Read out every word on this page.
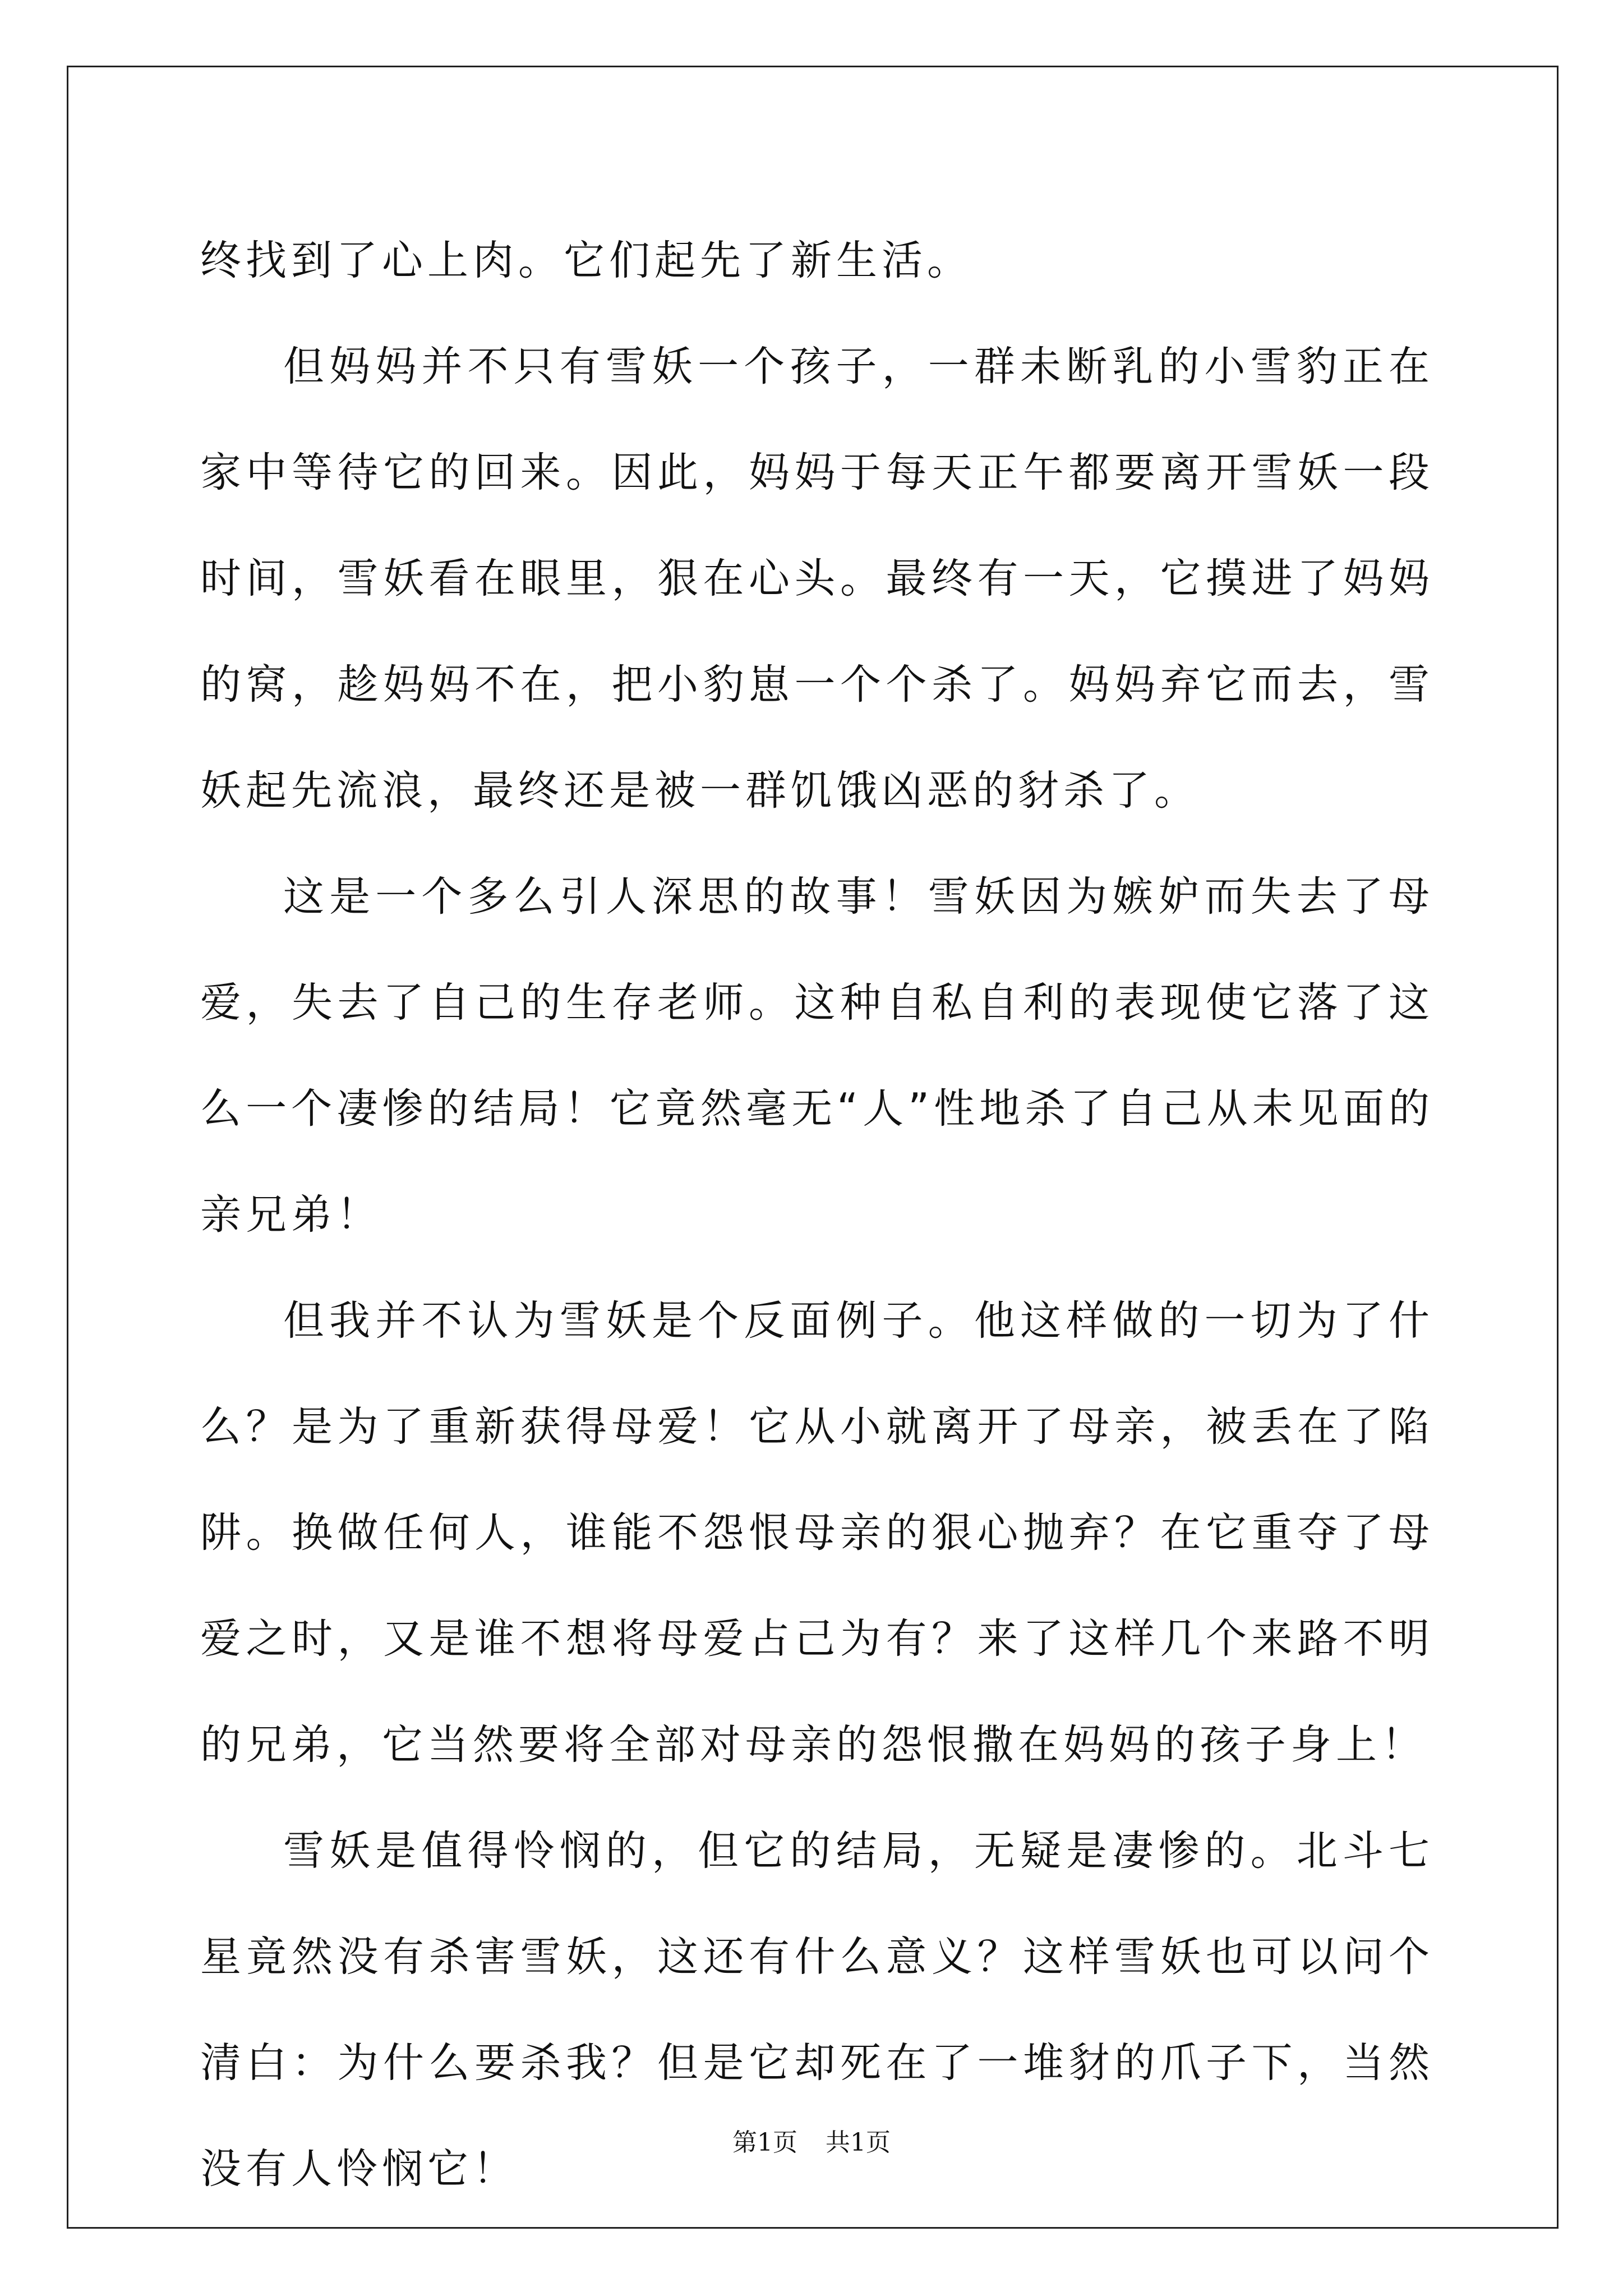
终找到了心上肉。它们起先了新生活。

但妈妈并不只有雪妖一个孩子，一群未断乳的小雪豹正在家中等待它的回来。因此，妈妈于每天正午都要离开雪妖一段时间，雪妖看在眼里，狠在心头。最终有一天，它摸进了妈妈的窝，趁妈妈不在，把小豹崽一个个杀了。妈妈弃它而去，雪妖起先流浪，最终还是被一群饥饿凶恶的豺杀了。

这是一个多么引人深思的故事！雪妖因为嫉妒而失去了母爱，失去了自己的生存老师。这种自私自利的表现使它落了这么一个凄惨的结局！它竟然毫无“人”性地杀了自己从未见面的亲兄弟！

但我并不认为雪妖是个反面例子。他这样做的一切为了什么？是为了重新获得母爱！它从小就离开了母亲，被丢在了陷阱。换做任何人，谁能不怨恨母亲的狠心抛弃？在它重夺了母爱之时，又是谁不想将母爱占己为有？来了这样几个来路不明的兄弟，它当然要将全部对母亲的怨恨撒在妈妈的孩子身上！

雪妖是值得怜悯的，但它的结局，无疑是凄惨的。北斗七星竟然没有杀害雪妖，这还有什么意义？这样雪妖也可以问个清白：为什么要杀我？但是它却死在了一堆豺的爪子下，当然没有人怜悯它！

第1页 共1页
